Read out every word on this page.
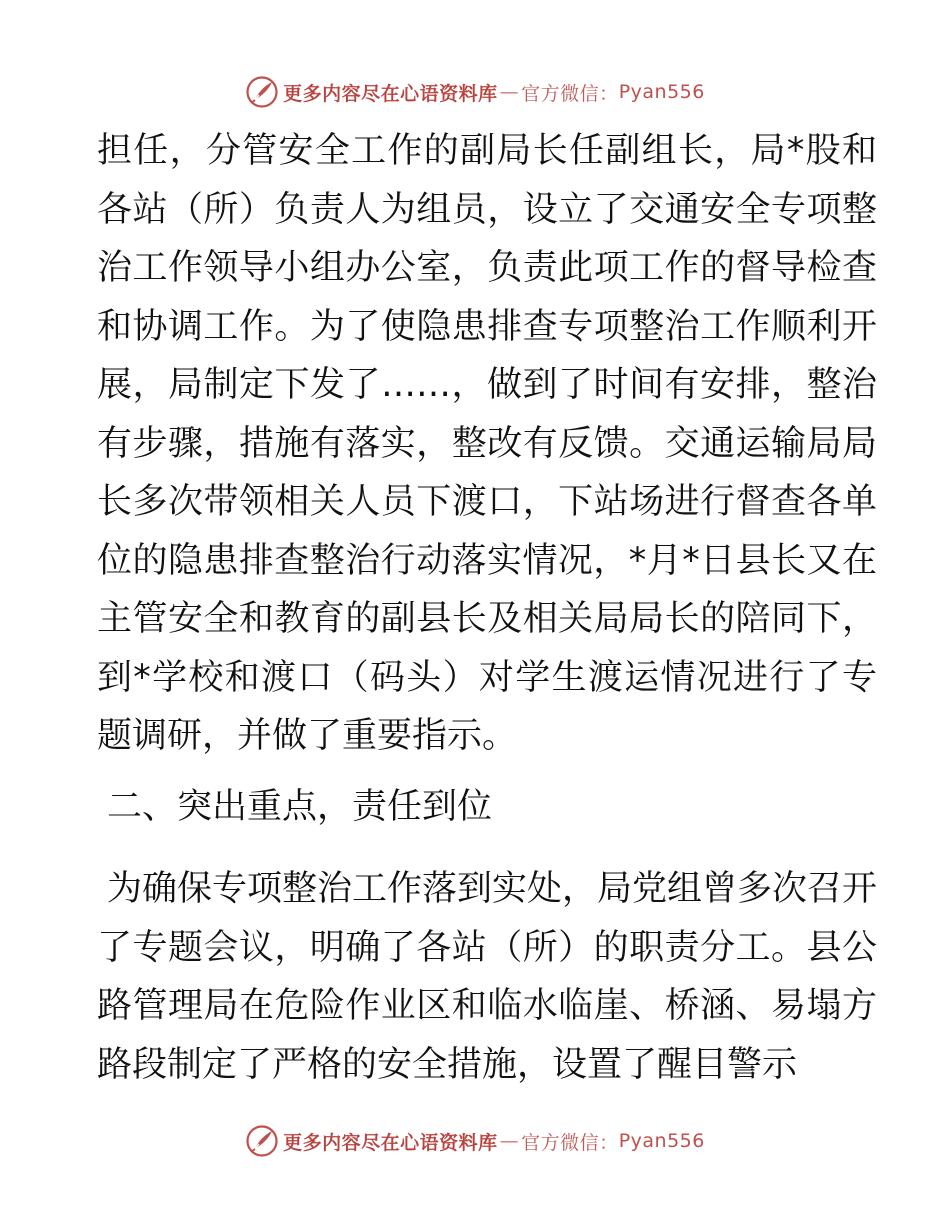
更多内容尽在心语资料库 — 官方微信： Pyan556

担任，分管安全工作的副局长任副组长，局*股和各站（所）负责人为组员，设立了交通安全专项整治工作领导小组办公室，负责此项工作的督导检查和协调工作。为了使隐患排查专项整治工作顺利开展，局制定下发了……，做到了时间有安排，整治有步骤，措施有落实，整改有反馈。交通运输局局长多次带领相关人员下渡口，下站场进行督查各单位的隐患排查整治行动落实情况，*月*日县长又在主管安全和教育的副县长及相关局局长的陪同下，到*学校和渡口（码头）对学生渡运情况进行了专题调研，并做了重要指示。

二、突出重点，责任到位

为确保专项整治工作落到实处，局党组曾多次召开了专题会议，明确了各站（所）的职责分工。县公路管理局在危险作业区和临水临崖、桥涵、易塌方路段制定了严格的安全措施，设置了醒目警示

更多内容尽在心语资料库 — 官方微信： Pyan556
